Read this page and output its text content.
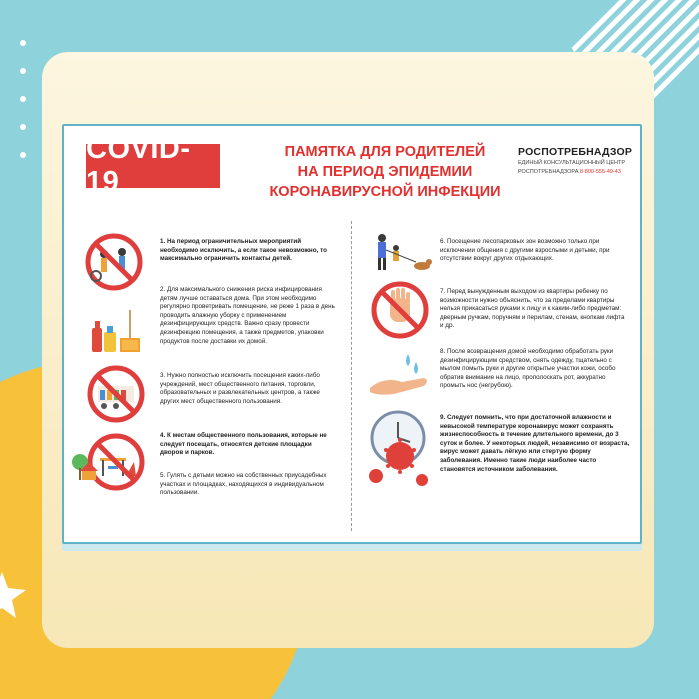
COVID-19
ПАМЯТКА ДЛЯ РОДИТЕЛЕЙ
НА ПЕРИОД ЭПИДЕМИИ
КОРОНАВИРУСНОЙ ИНФЕКЦИИ
РОСПОТРЕБНАДЗОР
ЕДИНЫЙ КОНСУЛЬТАЦИОННЫЙ ЦЕНТР
РОСПОТРЕБНАДЗОРА 8-800-555-49-43
1. На период ограничительных мероприятий необходимо исключить, а если такое невозможно, то максимально ограничить контакты детей.
2. Для максимального снижения риска инфицирования детям лучше оставаться дома. При этом необходимо регулярно проветривать помещение, не реже 1 раза в день проводить влажную уборку с применением дезинфицирующих средств. Важно сразу провести дезинфекцию помещения, а также предметов, упаковки продуктов после доставки их домой.
3. Нужно полностью исключить посещения каких-либо учреждений, мест общественного питания, торговли, образовательных и развлекательных центров, а также других мест общественного пользования.
4. К местам общественного пользования, которые не следует посещать, относятся детские площадки дворов и парков.
5. Гулять с детьми можно на собственных приусадебных участках и площадках, находящихся в индивидуальном пользовании.
6. Посещение лесопарковых зон возможно только при исключении общения с другими взрослыми и детьми, при отсутствии вокруг других отдыхающих.
7. Перед вынужденным выходом из квартиры ребенку по возможности нужно объяснить, что за пределами квартиры нельзя прикасаться руками к лицу и к каким-либо предметам: дверным ручкам, поручням и перилам, стенам, кнопкам лифта и др.
8. После возвращения домой необходимо обработать руки дезинфицирующим средством, снять одежду, тщательно с мылом помыть руки и другие открытые участки кожи, особо обратив внимание на лицо, прополоскать рот, аккуратно промыть нос (негрубою).
9. Следует помнить, что при достаточной влажности и невысокой температуре коронавирус может сохранять жизнеспособность в течение длительного времени, до 3 суток и более. У некоторых людей, независимо от возраста, вирус может давать лёгкую или стертую форму заболевания. Именно такие люди наиболее часто становятся источником заболевания.
